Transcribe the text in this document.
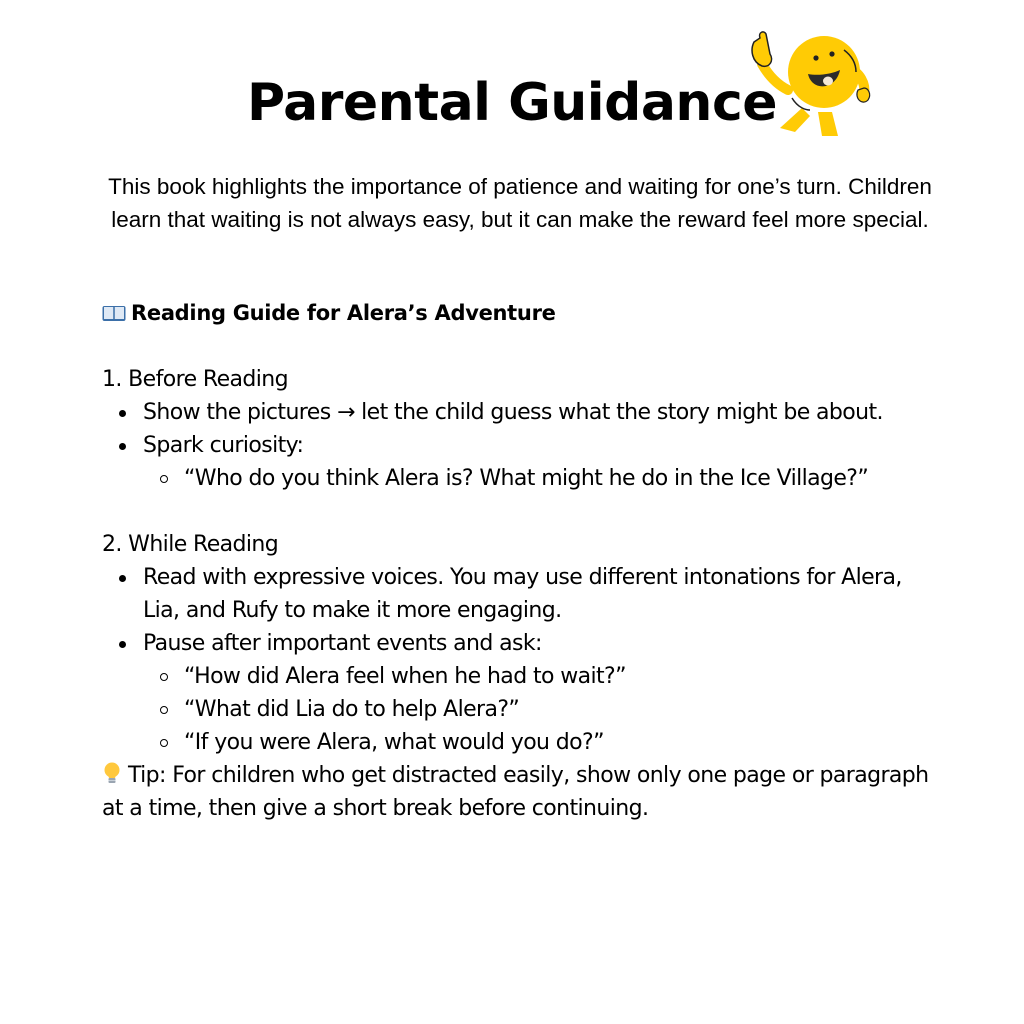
Parental Guidance
This book highlights the importance of patience and waiting for one’s turn. Children learn that waiting is not always easy, but it can make the reward feel more special.
Reading Guide for Alera’s Adventure
1. Before Reading
Show the pictures → let the child guess what the story might be about.
Spark curiosity:
“Who do you think Alera is? What might he do in the Ice Village?”
2. While Reading
Read with expressive voices. You may use different intonations for Alera, Lia, and Rufy to make it more engaging.
Pause after important events and ask:
“How did Alera feel when he had to wait?”
“What did Lia do to help Alera?”
“If you were Alera, what would you do?”
Tip: For children who get distracted easily, show only one page or paragraph at a time, then give a short break before continuing.
